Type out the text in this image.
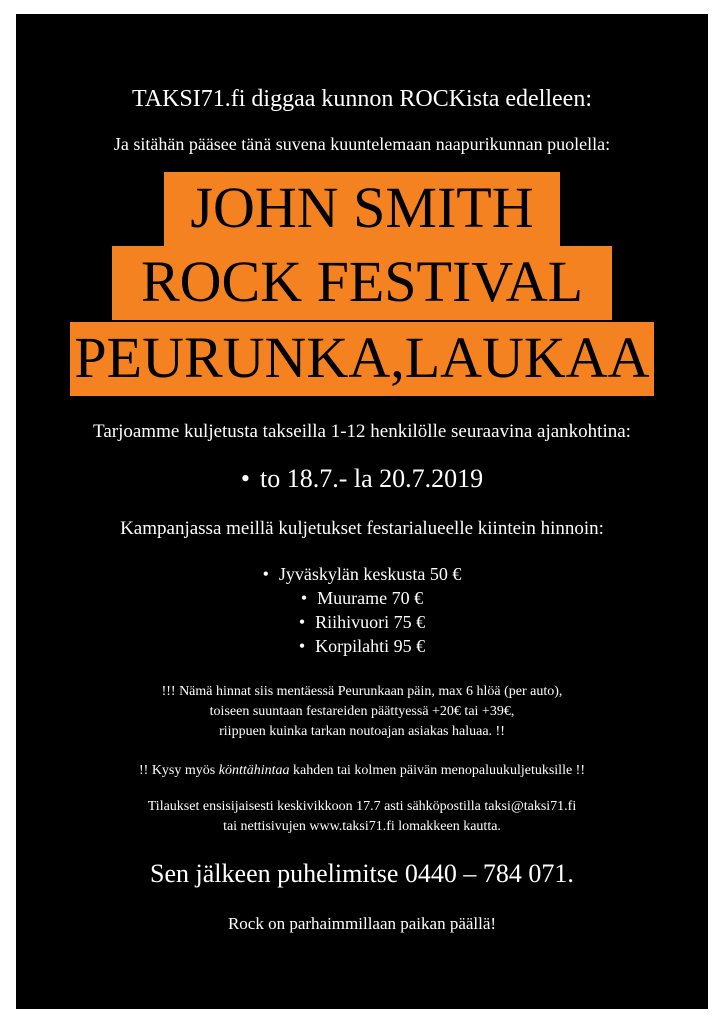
TAKSI71.fi diggaa kunnon ROCKista edelleen:
Ja sitähän pääsee tänä suvena kuuntelemaan naapurikunnan puolella:
JOHN SMITH
ROCK FESTIVAL
PEURUNKA,LAUKAA
Tarjoamme kuljetusta takseilla 1-12 henkilölle seuraavina ajankohtina:
• to 18.7.- la 20.7.2019
Kampanjassa meillä kuljetukset festarialueelle kiintein hinnoin:
• Jyväskylän keskusta 50 €
• Muurame 70 €
• Riihivuori 75 €
• Korpilahti 95 €
!!! Nämä hinnat siis mentäessä Peurunkaan päin, max 6 hlöä (per auto),
toiseen suuntaan festareiden päättyessä +20€ tai +39€,
riippuen kuinka tarkan noutoajan asiakas haluaa. !!
!! Kysy myös könttähintaa kahden tai kolmen päivän menopaluukuljetuksille !!
Tilaukset ensisijaisesti keskivikkoon 17.7 asti sähköpostilla taksi@taksi71.fi
tai nettisivujen www.taksi71.fi lomakkeen kautta.
Sen jälkeen puhelimitse 0440 – 784 071.
Rock on parhaimmillaan paikan päällä!
